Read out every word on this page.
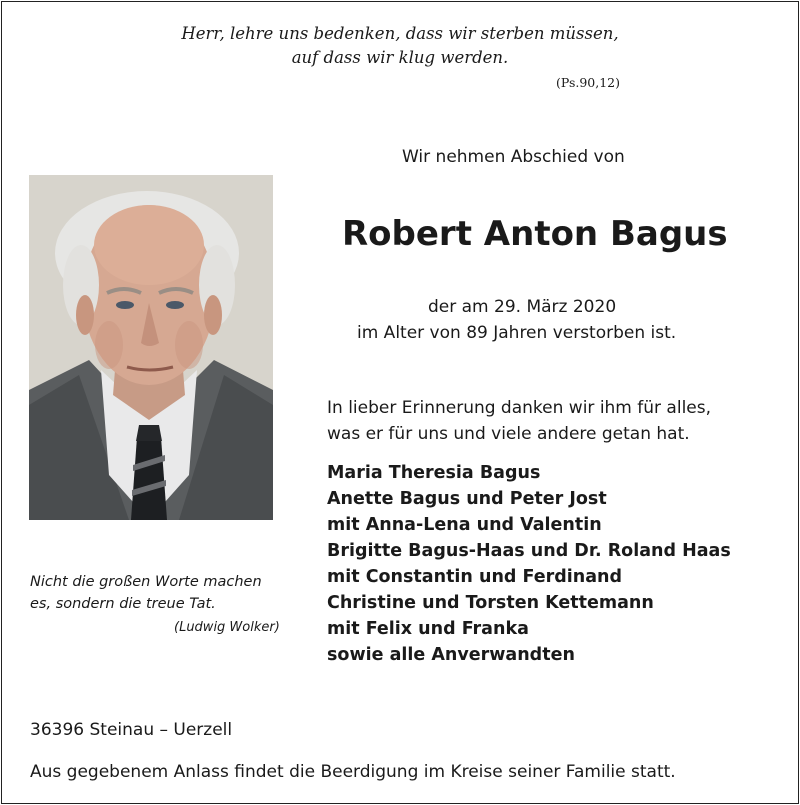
Herr, lehre uns bedenken, dass wir sterben müssen,
auf dass wir klug werden.
(Ps.90,12)
Wir nehmen Abschied von
Robert Anton Bagus
der am 29. März 2020
im Alter von 89 Jahren verstorben ist.
In lieber Erinnerung danken wir ihm für alles,
was er für uns und viele andere getan hat.
Maria Theresia Bagus
Anette Bagus und Peter Jost
mit Anna-Lena und Valentin
Brigitte Bagus-Haas und Dr. Roland Haas
mit Constantin und Ferdinand
Christine und Torsten Kettemann
mit Felix und Franka
sowie alle Anverwandten
Nicht die großen Worte machen
es, sondern die treue Tat.
(Ludwig Wolker)
36396 Steinau – Uerzell
Aus gegebenem Anlass findet die Beerdigung im Kreise seiner Familie statt.
